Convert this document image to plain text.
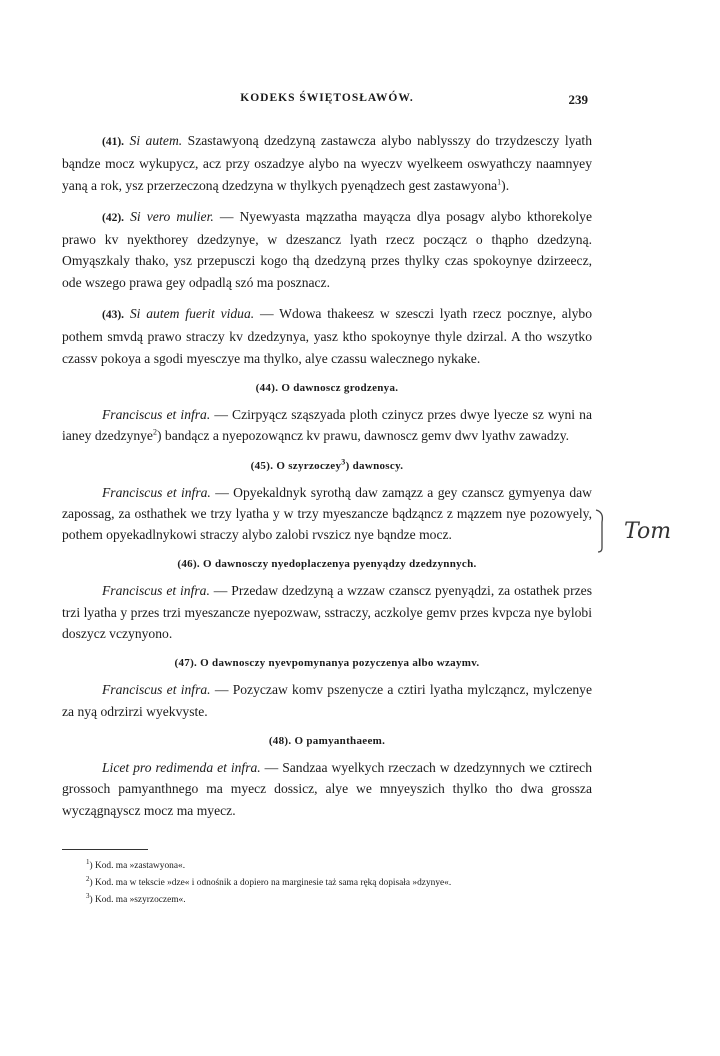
KODEKS ŚWIĘTOSŁAWÓW.	239

(41). Si autem. Szastawyoną dzedzyną zastawcza alybo nablysszy do trzydzesczy lyath bąndze mocz wykupycz, acz przy oszadzye alybo na wyeczv wyelkeem oswyathczy naamnyey yaną a rok, ysz przerzeczoną dzedzyna w thylkych pyenądzech gest zastawyona$^1$).

(42). Si vero mulier. — Nyewyasta mązzatha mayącza dlya posagv alybo kthorekolye prawo kv nyekthorey dzedzynye, w dzeszancz lyath rzecz począcz o thąpho dzedzyną. Omyąszkaly thako, ysz przepusczi kogo thą dzedzyną przes thylky czas spokoynye dzirzeecz, ode wszego prawa gey odpadlą szó ma posznacz.

(43). Si autem fuerit vidua. — Wdowa thakeesz w szesczi lyath rzecz pocznye, alybo pothem smvdą prawo straczy kv dzedzynya, yasz ktho spokoynye thyle dzirzal. A tho wszytko czassv pokoya a sgodi myesczye ma thylko, alye czassu walecznego nykake.

(44). O dawnoscz grodzenya.

Franciscus et infra. — Czirpyącz sząszyada ploth czinycz przes dwye lyecze sz wyni na ianey dzedzynye$^2$) bandącz a nyepozowąncz kv prawu, dawnoscz gemv dwv lyathv zawadzy.

(45). O szyrzoczey$^3$) dawnoscy.

Franciscus et infra. — Opyekaldnyk syrothą daw zamązz a gey czanscz gymyenya daw zapossag, za osthathek we trzy lyatha y w trzy myeszancze bądząncz z mązzem nye pozowyely, pothem opyekadlnykowi straczy alybo zalobi rvszicz nye bąndze mocz.

(46). O dawnosczy nyedoplaczenya pyenyądzy dzedzynnych.

Franciscus et infra. — Przedaw dzedzyną a wzzaw czanscz pyenyądzi, za ostathek przes trzi lyatha y przes trzi myeszancze nyepozwaw, sstraczy, aczkolye gemv przes kvpcza nye bylobi doszycz vczynyono.

(47). O dawnosczy nyevpomynanya pozyczenya albo wzaymv.

Franciscus et infra. — Pozyczaw komv pszenycze a cztiri lyatha mylcząncz, mylczenye za nyą odrzirzi wyekvyste.

(48). O pamyanthaeem.

Licet pro redimenda et infra. — Sandzaa wyelkych rzeczach w dzedzynnych we cztirech grossoch pamyanthnego ma myecz dossicz, alye we mnyeyszich thylko tho dwa grossza wyczągnąyscz mocz ma myecz.

$^1$) Kod. ma »zastawyona«.
$^2$) Kod. ma w tekscie »dze« i odnośnik a dopiero na marginesie taż sama ręką dopisała »dzynye«.
$^3$) Kod. ma »szyrzoczem«.
Tom
